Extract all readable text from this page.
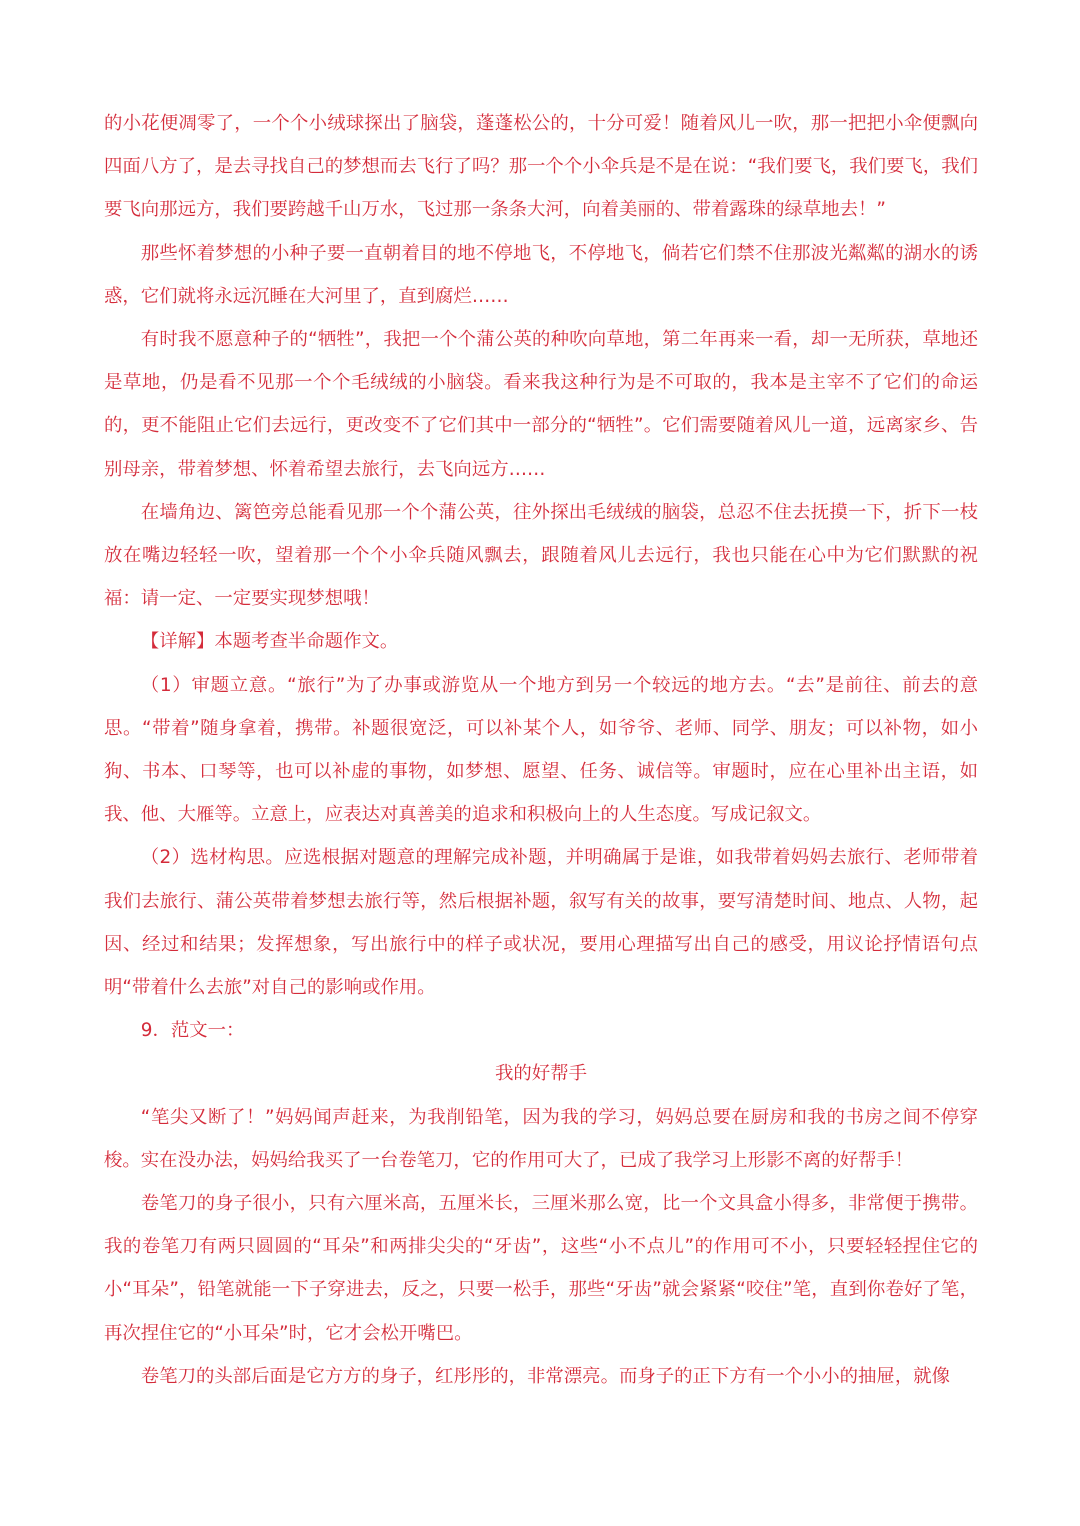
的小花便凋零了，一个个小绒球探出了脑袋，蓬蓬松公的，十分可爱！随着风儿一吹，那一把把小伞便飘向四面八方了，是去寻找自己的梦想而去飞行了吗？那一个个小伞兵是不是在说：“我们要飞，我们要飞，我们要飞向那远方，我们要跨越千山万水，飞过那一条条大河，向着美丽的、带着露珠的绿草地去！”

那些怀着梦想的小种子要一直朝着目的地不停地飞，不停地飞，倘若它们禁不住那波光粼粼的湖水的诱惑，它们就将永远沉睡在大河里了，直到腐烂……

有时我不愿意种子的“牺牲”，我把一个个蒲公英的种吹向草地，第二年再来一看，却一无所获，草地还是草地，仍是看不见那一个个毛绒绒的小脑袋。看来我这种行为是不可取的，我本是主宰不了它们的命运的，更不能阻止它们去远行，更改变不了它们其中一部分的“牺牲”。它们需要随着风儿一道，远离家乡、告别母亲，带着梦想、怀着希望去旅行，去飞向远方……

在墙角边、篱笆旁总能看见那一个个蒲公英，往外探出毛绒绒的脑袋，总忍不住去抚摸一下，折下一枝放在嘴边轻轻一吹，望着那一个个小伞兵随风飘去，跟随着风儿去远行，我也只能在心中为它们默默的祝福：请一定、一定要实现梦想哦！

【详解】本题考查半命题作文。

（1）审题立意。“旅行”为了办事或游览从一个地方到另一个较远的地方去。“去”是前往、前去的意思。“带着”随身拿着，携带。补题很宽泛，可以补某个人，如爷爷、老师、同学、朋友；可以补物，如小狗、书本、口琴等，也可以补虚的事物，如梦想、愿望、任务、诚信等。审题时，应在心里补出主语，如我、他、大雁等。立意上，应表达对真善美的追求和积极向上的人生态度。写成记叙文。

（2）选材构思。应选根据对题意的理解完成补题，并明确属于是谁，如我带着妈妈去旅行、老师带着我们去旅行、蒲公英带着梦想去旅行等，然后根据补题，叙写有关的故事，要写清楚时间、地点、人物，起因、经过和结果；发挥想象，写出旅行中的样子或状况，要用心理描写出自己的感受，用议论抒情语句点明“带着什么去旅”对自己的影响或作用。

9．范文一：

我的好帮手

“笔尖又断了！”妈妈闻声赶来，为我削铅笔，因为我的学习，妈妈总要在厨房和我的书房之间不停穿梭。实在没办法，妈妈给我买了一台卷笔刀，它的作用可大了，已成了我学习上形影不离的好帮手！

卷笔刀的身子很小，只有六厘米高，五厘米长，三厘米那么宽，比一个文具盒小得多，非常便于携带。我的卷笔刀有两只圆圆的“耳朵”和两排尖尖的“牙齿”，这些“小不点儿”的作用可不小，只要轻轻捏住它的小“耳朵”，铅笔就能一下子穿进去，反之，只要一松手，那些“牙齿”就会紧紧“咬住”笔，直到你卷好了笔，再次捏住它的“小耳朵”时，它才会松开嘴巴。

卷笔刀的头部后面是它方方的身子，红彤彤的，非常漂亮。而身子的正下方有一个小小的抽屉，就像
